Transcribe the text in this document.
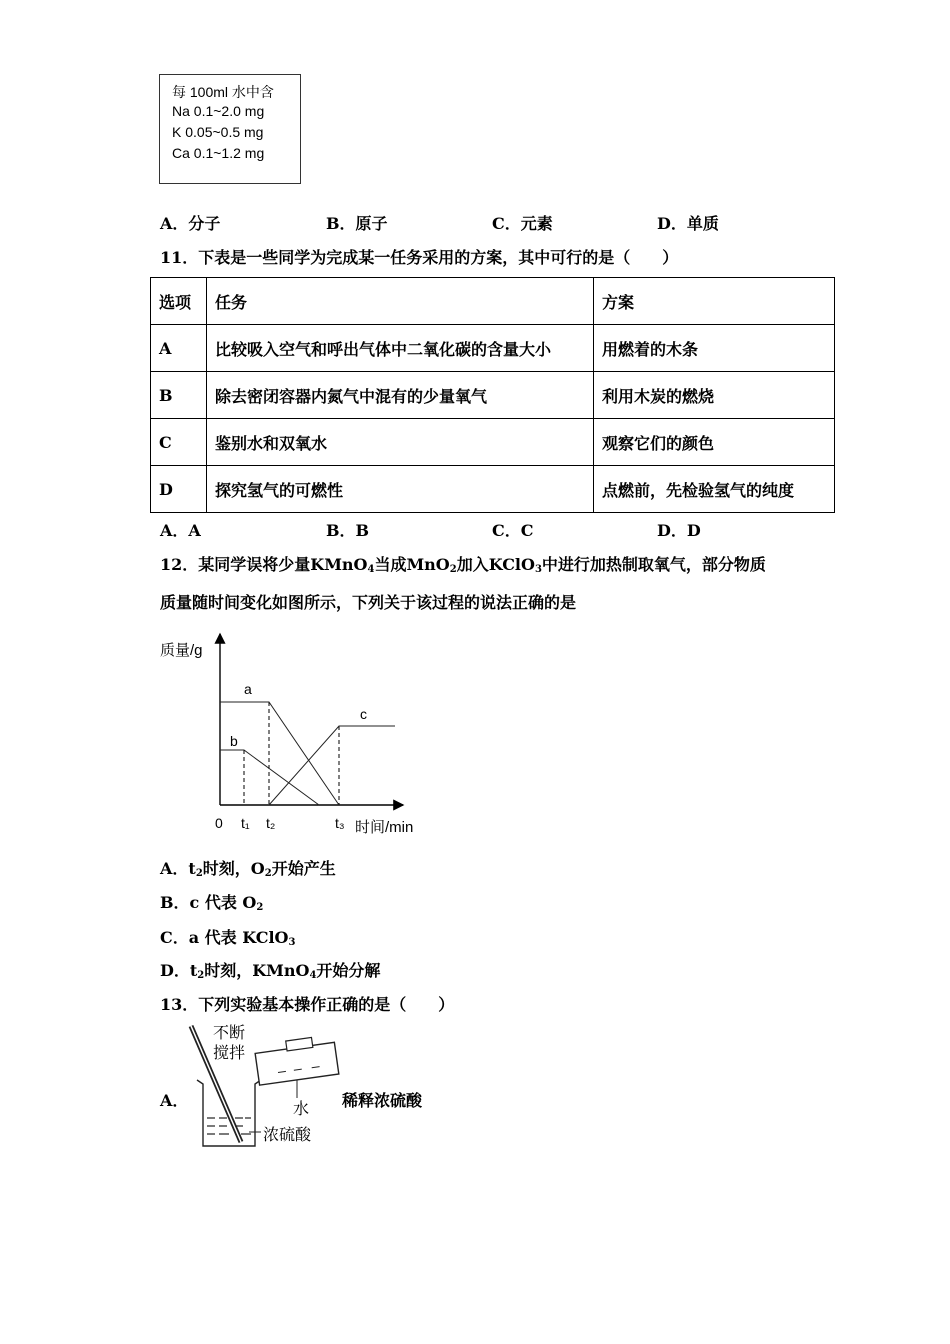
每 100ml 水中含
Na 0.1~2.0 mg
K 0.05~0.5 mg
Ca 0.1~1.2 mg
A．分子	B．原子	C．元素	D．单质
11．下表是一些同学为完成某一任务采用的方案，其中可行的是（　　）
选项	任务	方案
A	比较吸入空气和呼出气体中二氧化碳的含量大小	用燃着的木条
B	除去密闭容器内氮气中混有的少量氧气	利用木炭的燃烧
C	鉴别水和双氧水	观察它们的颜色
D	探究氢气的可燃性	点燃前，先检验氢气的纯度
A．A	B．B	C．C	D．D
12．某同学误将少量KMnO$_4$当成MnO$_2$加入KClO$_3$中进行加热制取氧气，部分物质
质量随时间变化如图所示，下列关于该过程的说法正确的是
质量/g
时间/min
a
b
c
0 t₁ t₂	t₃
A．$t_2$时刻，$O_2$开始产生
B．c 代表 $O_2$
C．a 代表 KClO$_3$
D．$t_2$时刻，KMnO$_4$开始分解
13．下列实验基本操作正确的是（　　）
A．	稀释浓硫酸
不断
搅拌
水
浓硫酸
